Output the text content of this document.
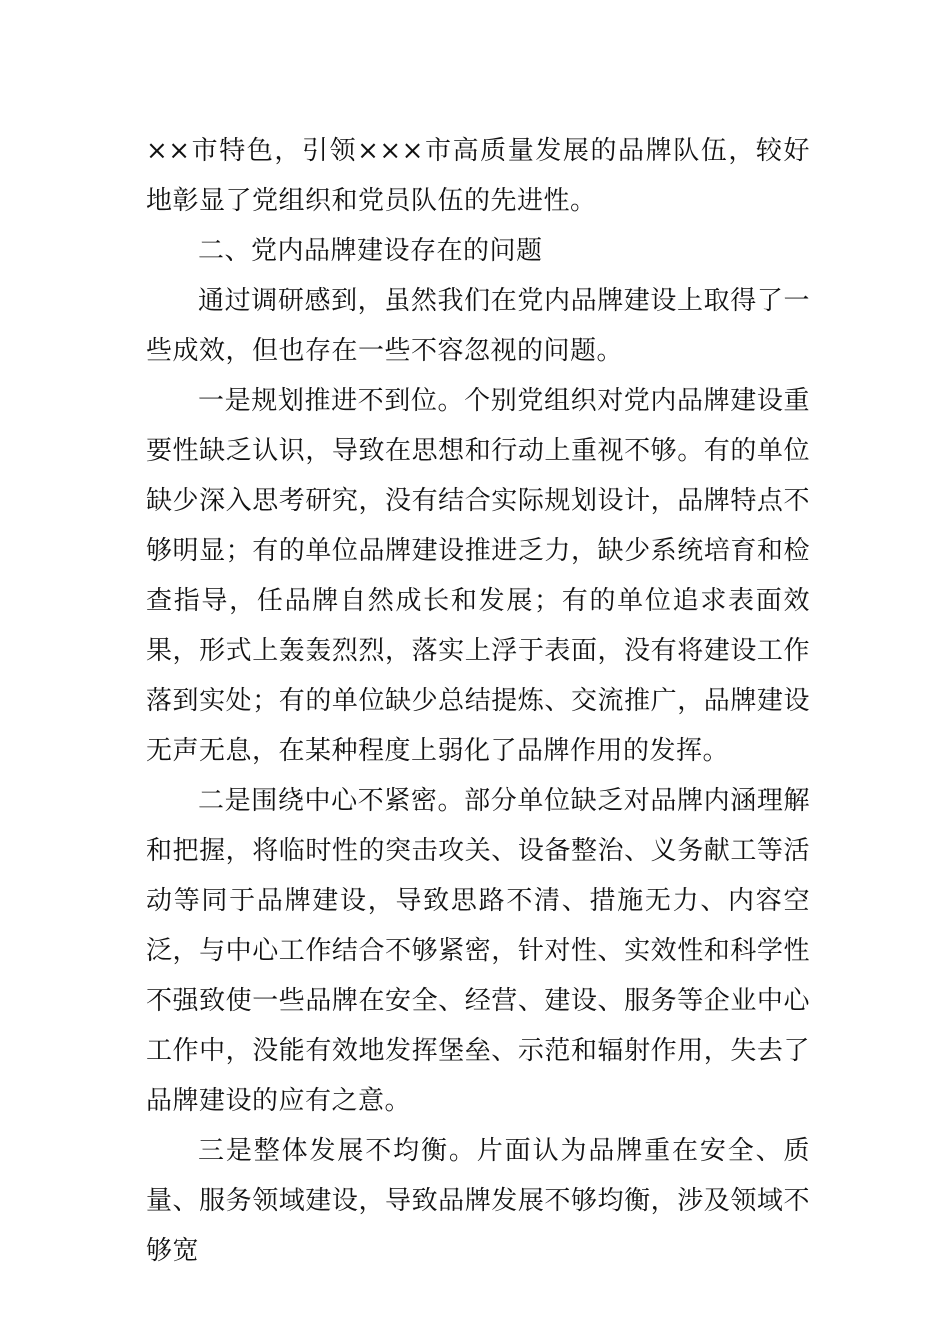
××市特色，引领×××市高质量发展的品牌队伍，较好地彰显了党组织和党员队伍的先进性。

二、党内品牌建设存在的问题

通过调研感到，虽然我们在党内品牌建设上取得了一些成效，但也存在一些不容忽视的问题。

一是规划推进不到位。个别党组织对党内品牌建设重要性缺乏认识，导致在思想和行动上重视不够。有的单位缺少深入思考研究，没有结合实际规划设计，品牌特点不够明显；有的单位品牌建设推进乏力，缺少系统培育和检查指导，任品牌自然成长和发展；有的单位追求表面效果，形式上轰轰烈烈，落实上浮于表面，没有将建设工作落到实处；有的单位缺少总结提炼、交流推广，品牌建设无声无息，在某种程度上弱化了品牌作用的发挥。

二是围绕中心不紧密。部分单位缺乏对品牌内涵理解和把握，将临时性的突击攻关、设备整治、义务献工等活动等同于品牌建设，导致思路不清、措施无力、内容空泛，与中心工作结合不够紧密，针对性、实效性和科学性不强致使一些品牌在安全、经营、建设、服务等企业中心工作中，没能有效地发挥堡垒、示范和辐射作用，失去了品牌建设的应有之意。

三是整体发展不均衡。片面认为品牌重在安全、质量、服务领域建设，导致品牌发展不够均衡，涉及领域不够宽
